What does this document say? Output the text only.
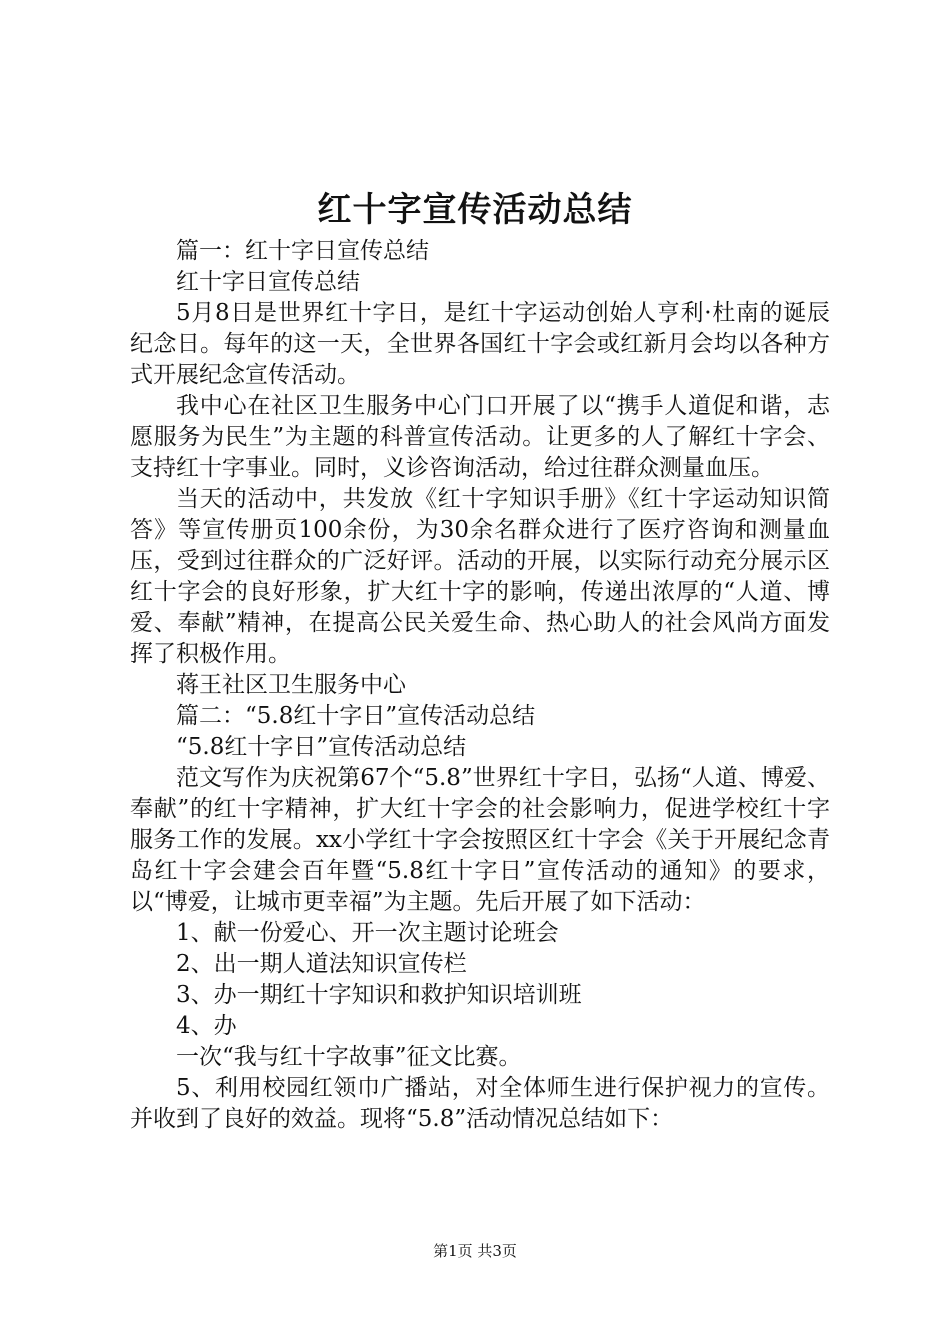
红十字宣传活动总结

篇一：红十字日宣传总结

红十字日宣传总结

5月8日是世界红十字日，是红十字运动创始人亨利·杜南的诞辰纪念日。每年的这一天，全世界各国红十字会或红新月会均以各种方式开展纪念宣传活动。

我中心在社区卫生服务中心门口开展了以“携手人道促和谐，志愿服务为民生”为主题的科普宣传活动。让更多的人了解红十字会、支持红十字事业。同时，义诊咨询活动，给过往群众测量血压。

当天的活动中，共发放《红十字知识手册》《红十字运动知识简答》等宣传册页100余份，为30余名群众进行了医疗咨询和测量血压，受到过往群众的广泛好评。活动的开展，以实际行动充分展示区红十字会的良好形象，扩大红十字的影响，传递出浓厚的“人道、博爱、奉献”精神，在提高公民关爱生命、热心助人的社会风尚方面发挥了积极作用。

蒋王社区卫生服务中心

篇二：“5.8红十字日”宣传活动总结

“5.8红十字日”宣传活动总结

范文写作为庆祝第67个“5.8”世界红十字日，弘扬“人道、博爱、奉献”的红十字精神，扩大红十字会的社会影响力，促进学校红十字服务工作的发展。xx小学红十字会按照区红十字会《关于开展纪念青岛红十字会建会百年暨“5.8红十字日”宣传活动的通知》的要求，以“博爱，让城市更幸福”为主题。先后开展了如下活动：

1、献一份爱心、开一次主题讨论班会

2、出一期人道法知识宣传栏

3、办一期红十字知识和救护知识培训班

4、办

一次“我与红十字故事”征文比赛。

5、利用校园红领巾广播站，对全体师生进行保护视力的宣传。并收到了良好的效益。现将“5.8”活动情况总结如下：

第1页 共3页
